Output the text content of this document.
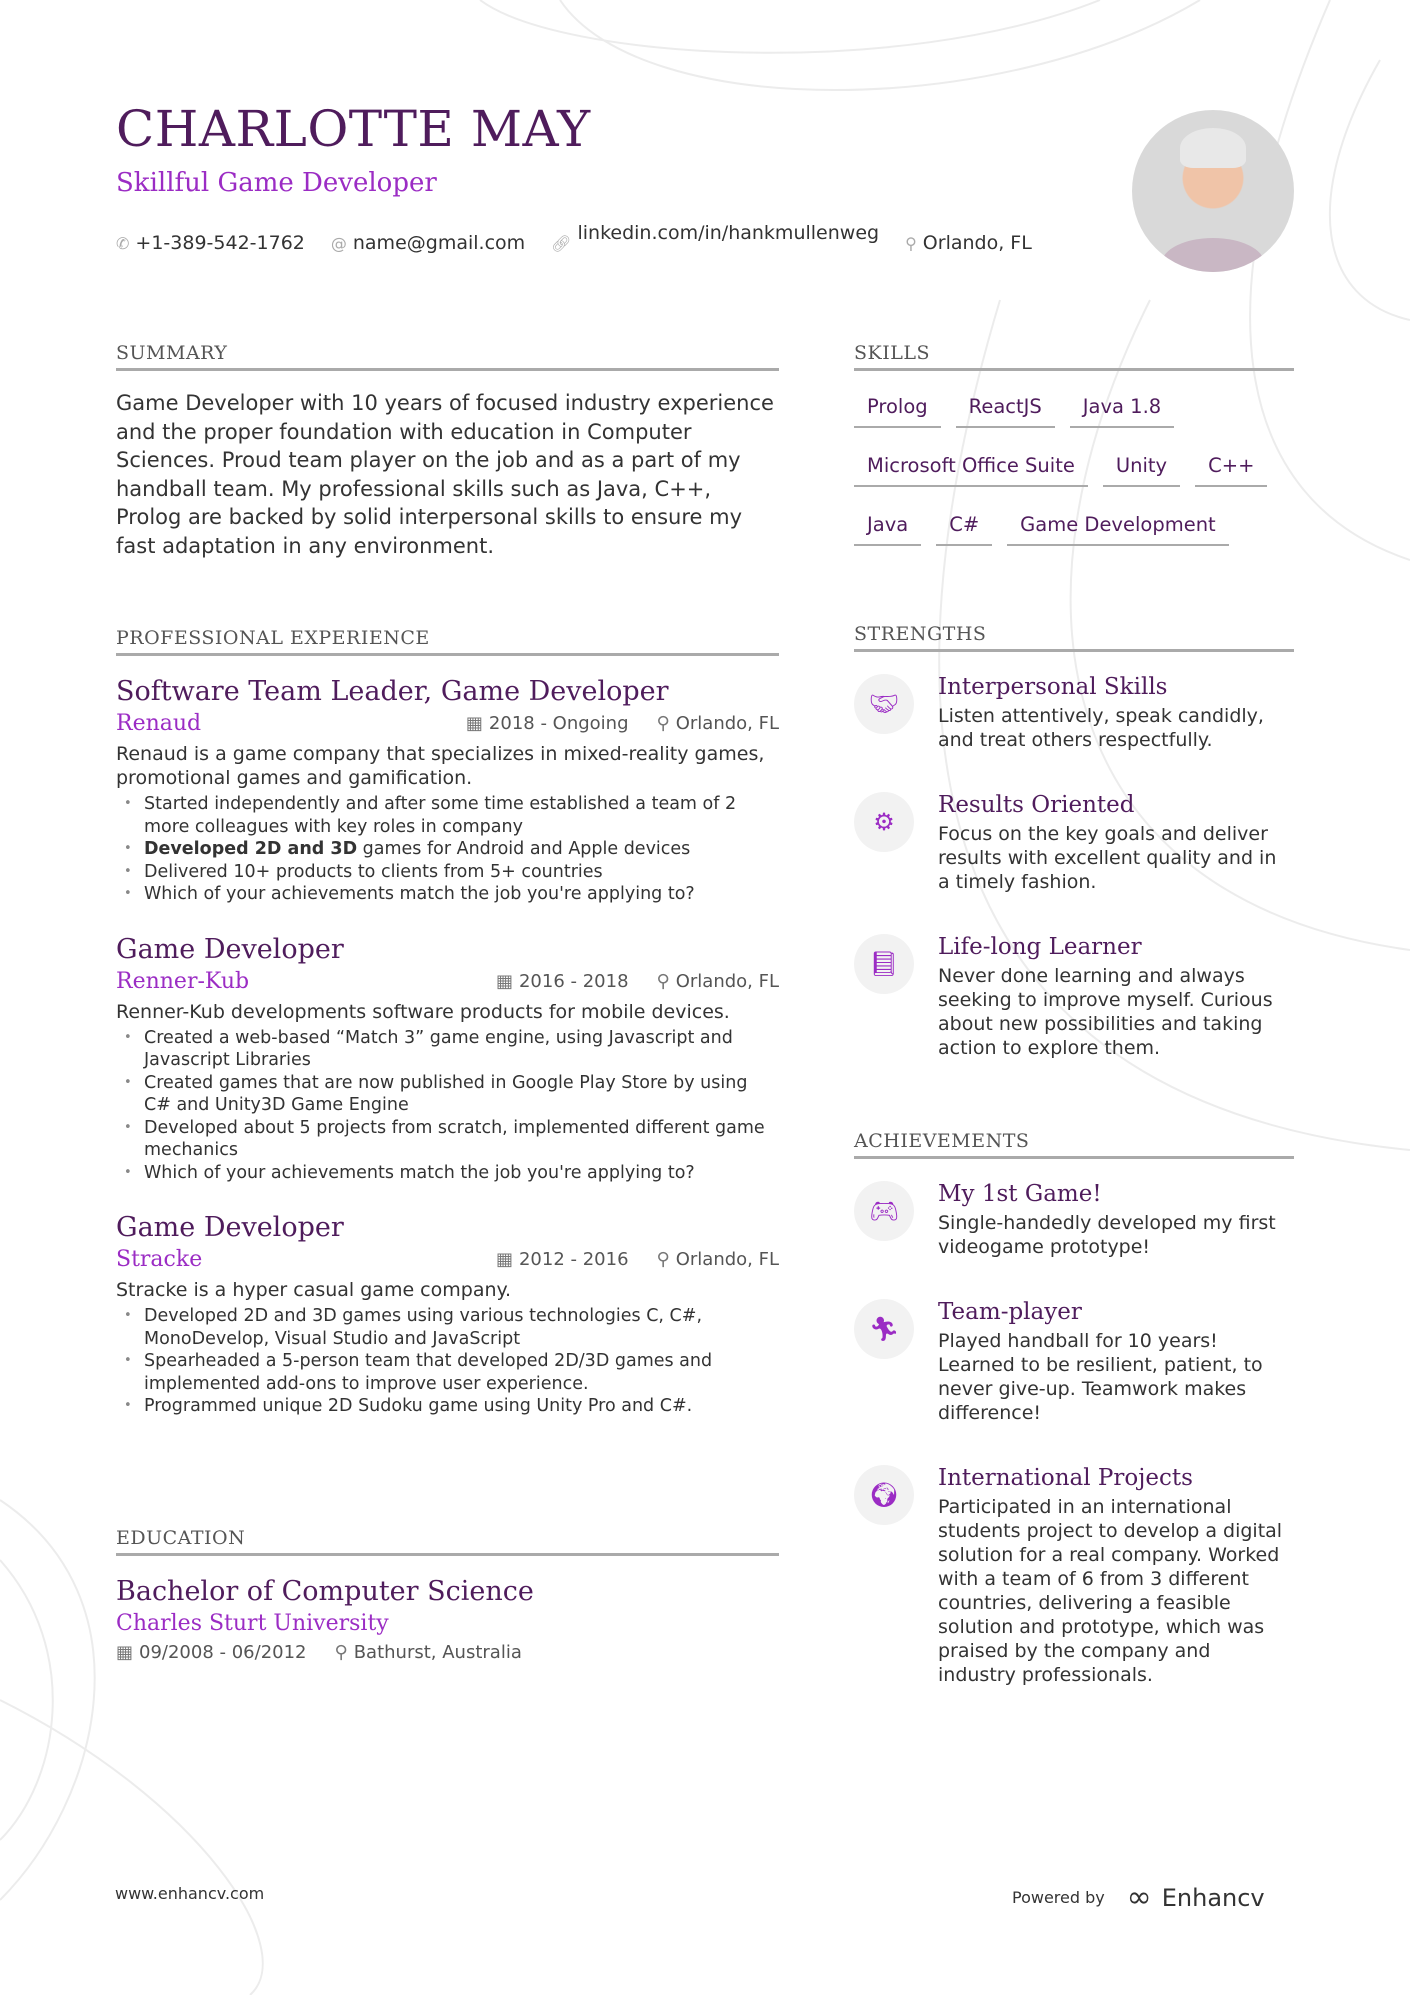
CHARLOTTE MAY
Skillful Game Developer
✆ +1-389-542-1762 @ name@gmail.com 🔗︎ linkedin.com/in/hankmullenweg ⚲ Orlando, FL
SUMMARY
Game Developer with 10 years of focused industry experience and the proper foundation with education in Computer Sciences. Proud team player on the job and as a part of my handball team. My professional skills such as Java, C++, Prolog are backed by solid interpersonal skills to ensure my fast adaptation in any environment.
PROFESSIONAL EXPERIENCE
Software Team Leader, Game Developer
Renaud	▦ 2018 - Ongoing ⚲ Orlando, FL
Renaud is a game company that specializes in mixed-reality games, promotional games and gamification.
• Started independently and after some time established a team of 2 more colleagues with key roles in company
• Developed 2D and 3D games for Android and Apple devices
• Delivered 10+ products to clients from 5+ countries
• Which of your achievements match the job you're applying to?
Game Developer
Renner-Kub	▦ 2016 - 2018 ⚲ Orlando, FL
Renner-Kub developments software products for mobile devices.
• Created a web-based “Match 3” game engine, using Javascript and Javascript Libraries
• Created games that are now published in Google Play Store by using C# and Unity3D Game Engine
• Developed about 5 projects from scratch, implemented different game mechanics
• Which of your achievements match the job you're applying to?
Game Developer
Stracke	▦ 2012 - 2016 ⚲ Orlando, FL
Stracke is a hyper casual game company.
• Developed 2D and 3D games using various technologies C, C#, MonoDevelop, Visual Studio and JavaScript
• Spearheaded a 5-person team that developed 2D/3D games and implemented add-ons to improve user experience.
• Programmed unique 2D Sudoku game using Unity Pro and C#.
EDUCATION
Bachelor of Computer Science
Charles Sturt University
▦ 09/2008 - 06/2012 ⚲ Bathurst, Australia
SKILLS
Prolog	ReactJS	Java 1.8
Microsoft Office Suite	Unity	C++
Java	C#	Game Development
STRENGTHS
🤝︎
Interpersonal Skills
Listen attentively, speak candidly, and treat others respectfully.
⚙
Results Oriented
Focus on the key goals and deliver results with excellent quality and in a timely fashion.
📘︎
Life-long Learner
Never done learning and always seeking to improve myself. Curious about new possibilities and taking action to explore them.
ACHIEVEMENTS
🎮︎
My 1st Game!
Single-handedly developed my first videogame prototype!
🏃︎
Team-player
Played handball for 10 years! Learned to be resilient, patient, to never give-up. Teamwork makes difference!
🌍︎
International Projects
Participated in an international students project to develop a digital solution for a real company. Worked with a team of 6 from 3 different countries, delivering a feasible solution and prototype, which was praised by the company and industry professionals.
www.enhancv.com	Powered by ∞ Enhancv
